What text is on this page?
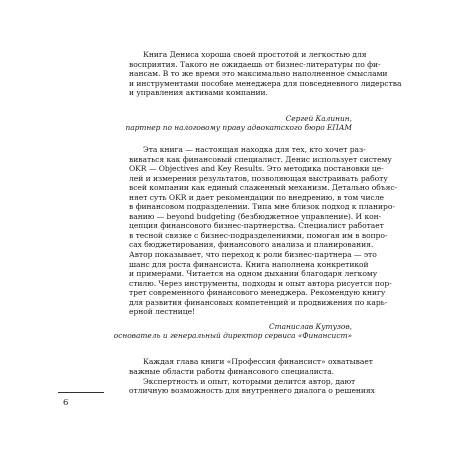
Книга Дениса хороша своей простотой и легкостью для
восприятия. Такого не ожидаешь от бизнес-литературы по фи-
нансам. В то же время это максимально наполненное смыслами
и инструментами пособие менеджера для повседневного лидерства
и управления активами компании.

Сергей Калинин,
партнер по налоговому праву адвокатского бюро ЕПАМ

Эта книга — настоящая находка для тех, кто хочет раз-
виваться как финансовый специалист. Денис использует систему
OKR — Objectives and Key Results. Это методика постановки це-
лей и измерения результатов, позволяющая выстраивать работу
всей компании как единый слаженный механизм. Детально объяс-
няет суть OKR и дает рекомендации по внедрению, в том числе
в финансовом подразделении. Типа мне близок подход к планиро-
ванию — beyond budgeting (безбюджетное управление). И кон-
цепция финансового бизнес-партнерства. Специалист работает
в тесной связке с бизнес-подразделениями, помогая им в вопро-
сах бюджетирования, финансового анализа и планирования.
Автор показывает, что переход к роли бизнес-партнера — это
шанс для роста финансиста. Книга наполнена конкретикой
и примерами. Читается на одном дыхании благодаря легкому
стилю. Через инструменты, подходы и опыт автора рисуется пор-
трет современного финансового менеджера. Рекомендую книгу
для развития финансовых компетенций и продвижения по карь-
ерной лестнице!

Станислав Кутузов,
основатель и генеральный директор сервиса «Финансист»

Каждая глава книги «Профессия финансист» охватывает
важные области работы финансового специалиста.

Экспертность и опыт, которыми делится автор, дают
отличную возможность для внутреннего диалога о решениях

6
